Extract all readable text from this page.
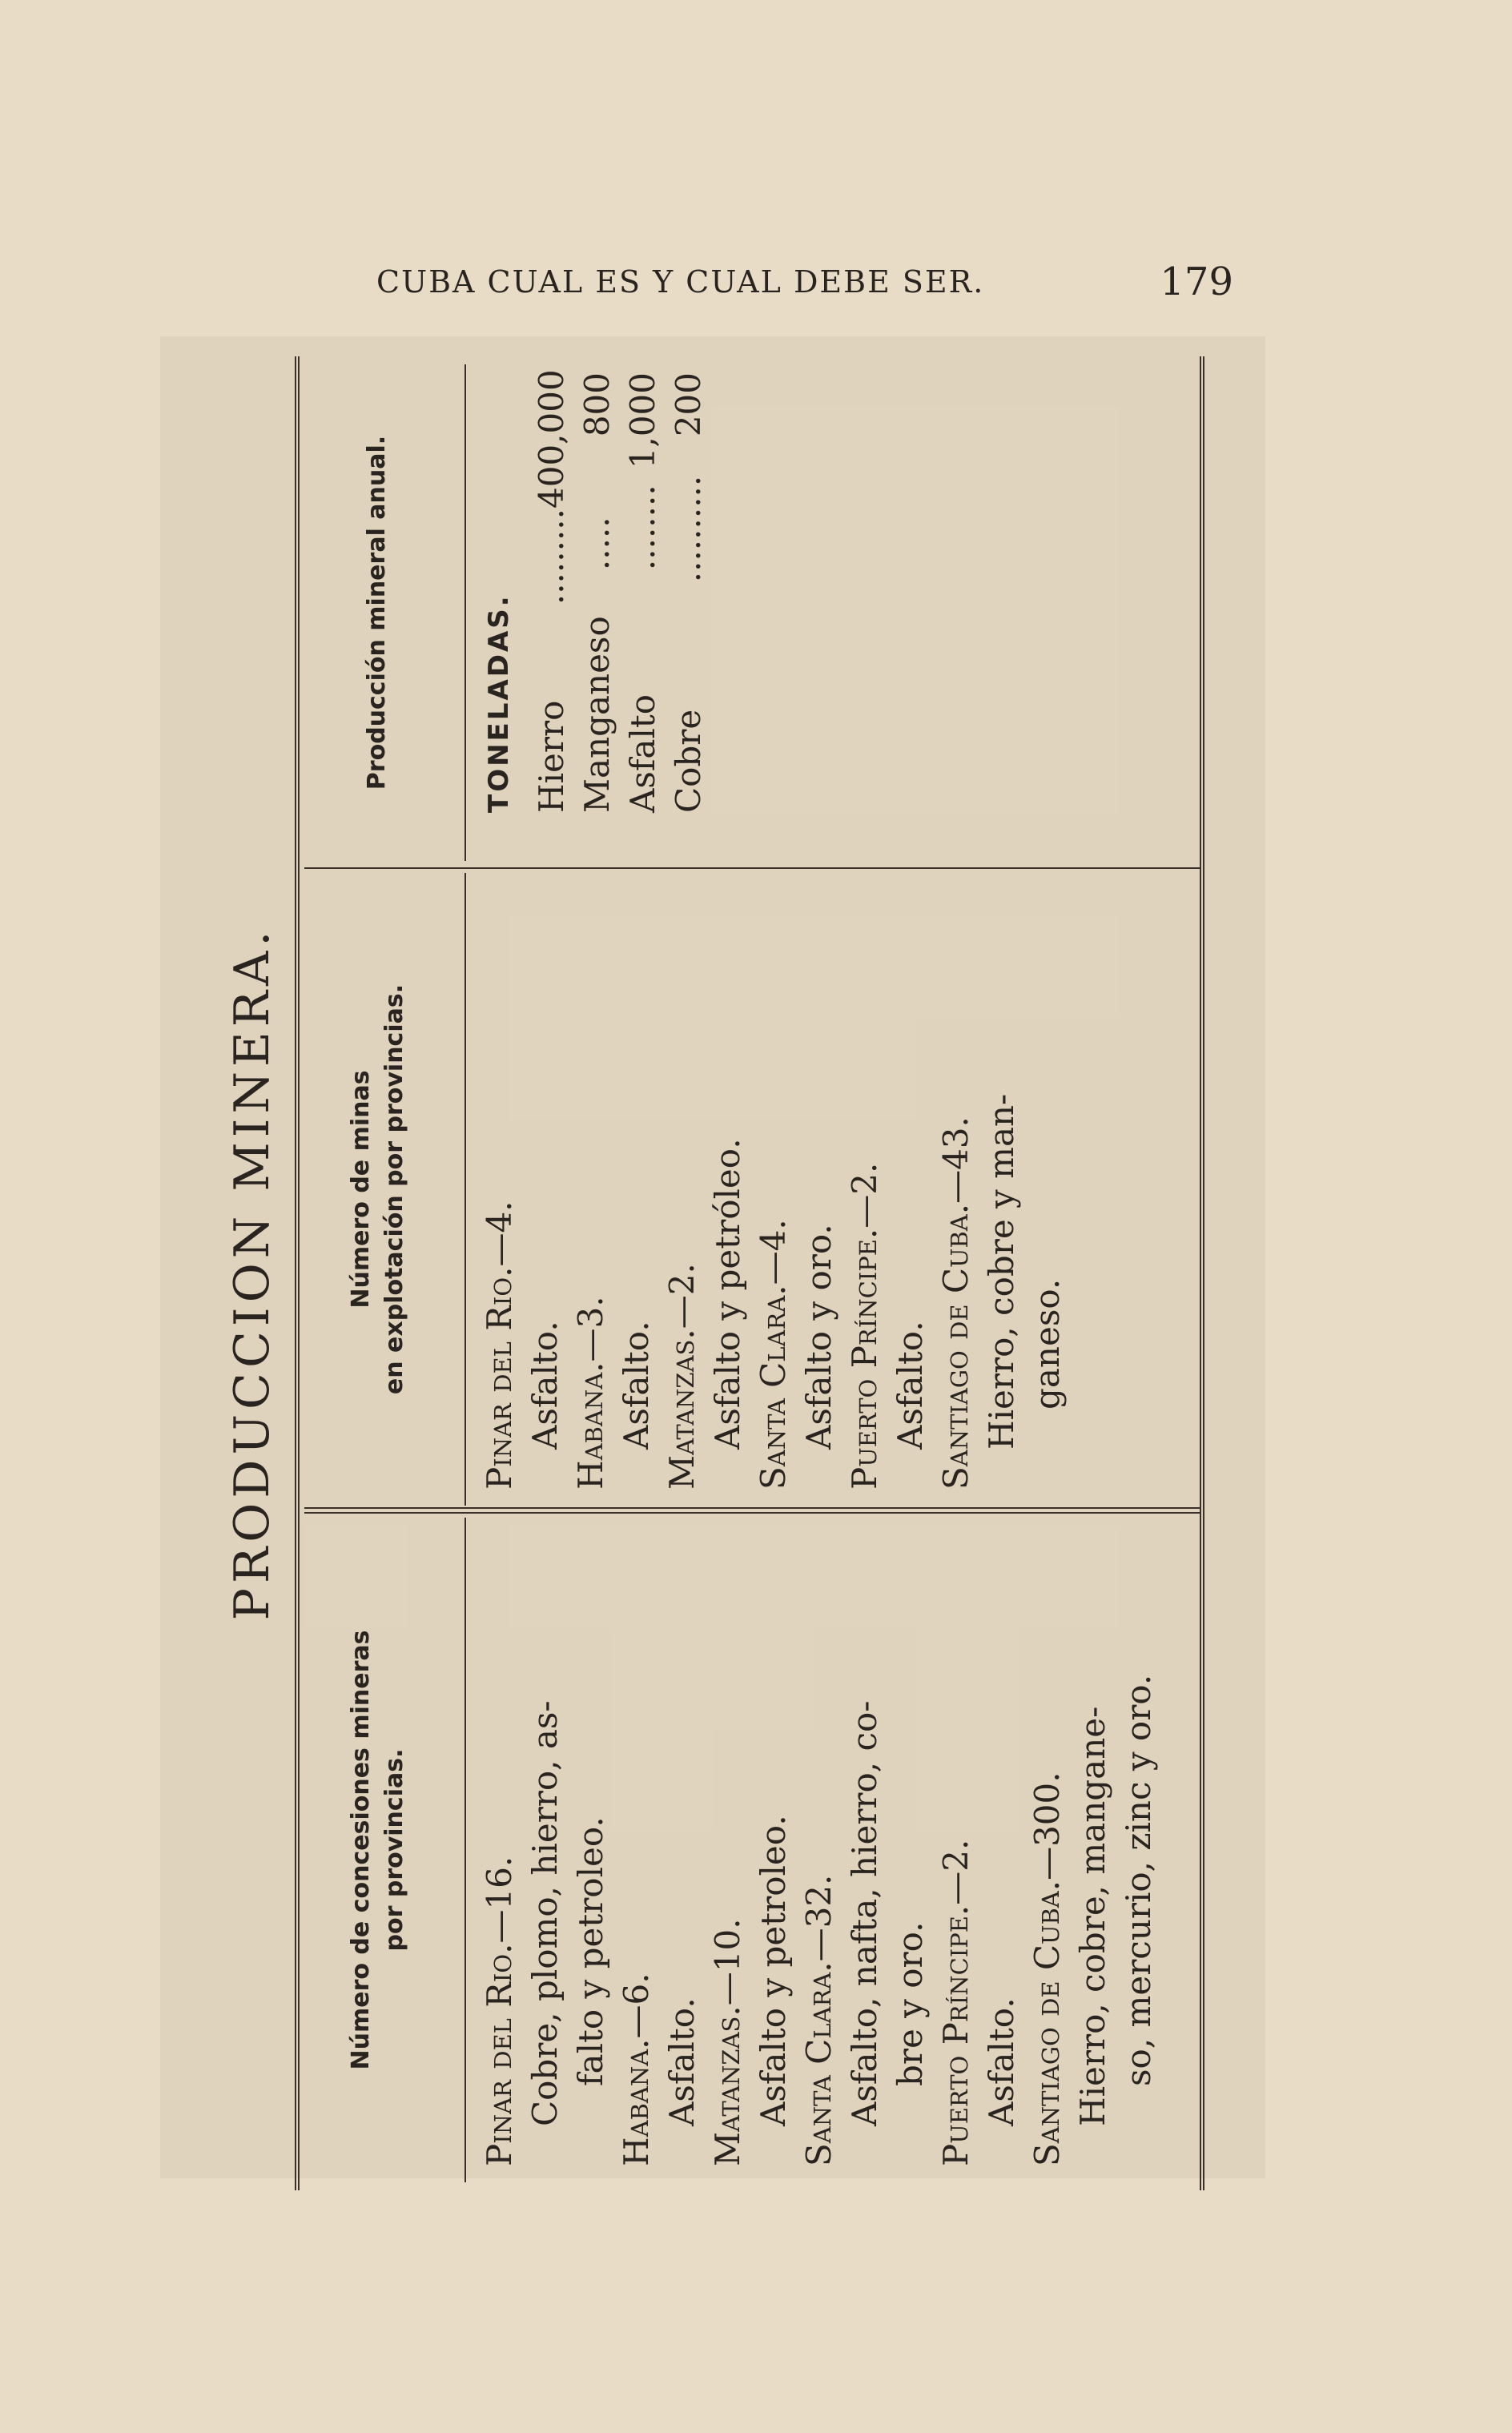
CUBA CUAL ES Y CUAL DEBE SER.	179
PRODUCCION MINERA.
Número de concesiones mineras por provincias.
Pinar del Rio.—16. Cobre, plomo, hierro, as- falto y petroleo. Habana.—6. Asfalto. Matanzas.—10. Asfalto y petroleo. Santa Clara.—32. Asfalto, nafta, hierro, co- bre y oro. Puerto Príncipe.—2. Asfalto. Santiago de Cuba.—300. Hierro, cobre, mangane- so, mercurio, zinc y oro.
Número de minas en explotación por provincias. Pinar del Rio.—4. Asfalto. Habana.—3. Asfalto. Matanzas.—2. Asfalto y petróleo. Santa Clara.—4. Asfalto y oro. Puerto Príncipe.—2. Asfalto. Santiago de Cuba.—43. Hierro, cobre y man- ganeso.
Producción mineral anual.	TONELADAS. Hierro
.........
400,000
Manganeso
.....
800
Asfalto
........
1,000
Cobre
..........
200
